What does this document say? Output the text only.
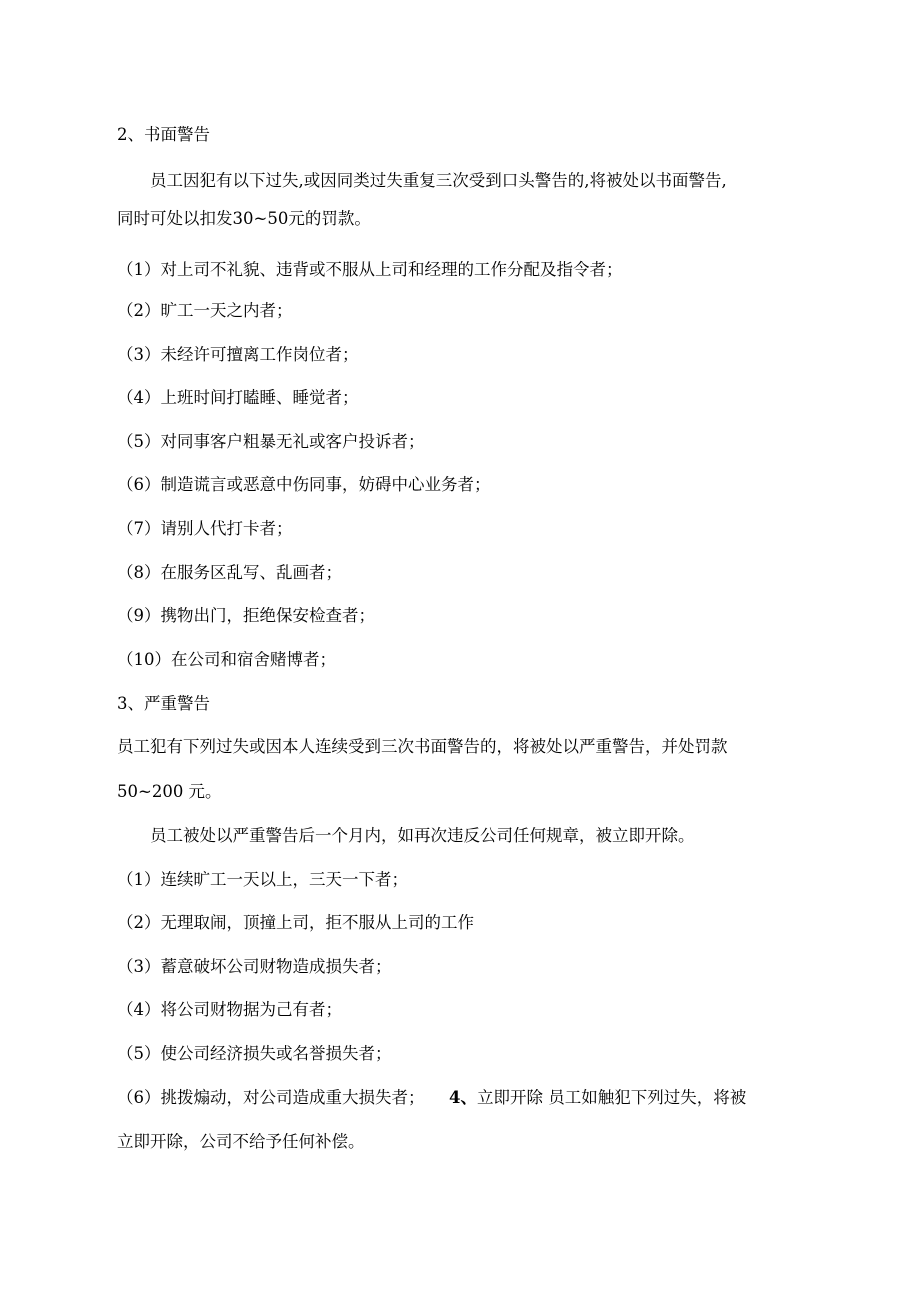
2、书面警告
员工因犯有以下过失,或因同类过失重复三次受到口头警告的,将被处以书面警告,
同时可处以扣发30~50元的罚款。
（1）对上司不礼貌、违背或不服从上司和经理的工作分配及指令者；
（2）旷工一天之内者；
（3）未经许可擅离工作岗位者；
（4）上班时间打瞌睡、睡觉者；
（5）对同事客户粗暴无礼或客户投诉者；
（6）制造谎言或恶意中伤同事，妨碍中心业务者；
（7）请别人代打卡者；
（8）在服务区乱写、乱画者；
（9）携物出门，拒绝保安检查者；
（10）在公司和宿舍赌博者；
3、严重警告
员工犯有下列过失或因本人连续受到三次书面警告的，将被处以严重警告，并处罚款
50~200 元。
员工被处以严重警告后一个月内，如再次违反公司任何规章，被立即开除。
（1）连续旷工一天以上，三天一下者；
（2）无理取闹，顶撞上司，拒不服从上司的工作
（3）蓄意破坏公司财物造成损失者；
（4）将公司财物据为己有者；
（5）使公司经济损失或名誉损失者；
（6）挑拨煽动，对公司造成重大损失者； 4、立即开除 员工如触犯下列过失，将被
立即开除，公司不给予任何补偿。
